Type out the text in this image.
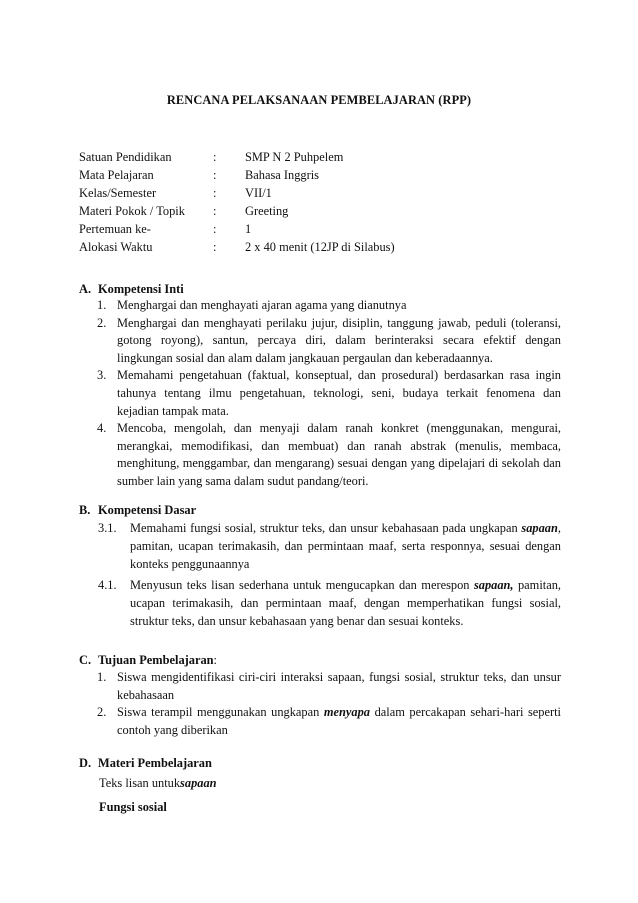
RENCANA PELAKSANAAN PEMBELAJARAN (RPP)
Satuan Pendidikan	: SMP N 2 Puhpelem
Mata Pelajaran	: Bahasa Inggris
Kelas/Semester	: VII/1
Materi Pokok / Topik : Greeting
Pertemuan ke-	: 1
Alokasi Waktu	: 2 x 40 menit (12JP di Silabus)
A. Kompetensi Inti
1. Menghargai dan menghayati ajaran agama yang dianutnya
2. Menghargai dan menghayati perilaku jujur, disiplin, tanggung jawab, peduli (toleransi, gotong royong), santun, percaya diri, dalam berinteraksi secara efektif dengan lingkungan sosial dan alam dalam jangkauan pergaulan dan keberadaannya.
3. Memahami pengetahuan (faktual, konseptual, dan prosedural) berdasarkan rasa ingin tahunya tentang ilmu pengetahuan, teknologi, seni, budaya terkait fenomena dan kejadian tampak mata.
4. Mencoba, mengolah, dan menyaji dalam ranah konkret (menggunakan, mengurai, merangkai, memodifikasi, dan membuat) dan ranah abstrak (menulis, membaca, menghitung, menggambar, dan mengarang) sesuai dengan yang dipelajari di sekolah dan sumber lain yang sama dalam sudut pandang/teori.
B. Kompetensi Dasar
3.1. Memahami fungsi sosial, struktur teks, dan unsur kebahasaan pada ungkapan sapaan, pamitan, ucapan terimakasih, dan permintaan maaf, serta responnya, sesuai dengan konteks penggunaannya
4.1. Menyusun teks lisan sederhana untuk mengucapkan dan merespon sapaan, pamitan, ucapan terimakasih, dan permintaan maaf, dengan memperhatikan fungsi sosial, struktur teks, dan unsur kebahasaan yang benar dan sesuai konteks.
C. Tujuan Pembelajaran:
1. Siswa mengidentifikasi ciri-ciri interaksi sapaan, fungsi sosial, struktur teks, dan unsur kebahasaan
2. Siswa terampil menggunakan ungkapan menyapa dalam percakapan sehari-hari seperti contoh yang diberikan
D. Materi Pembelajaran
Teks lisan untuksapaan
Fungsi sosial
